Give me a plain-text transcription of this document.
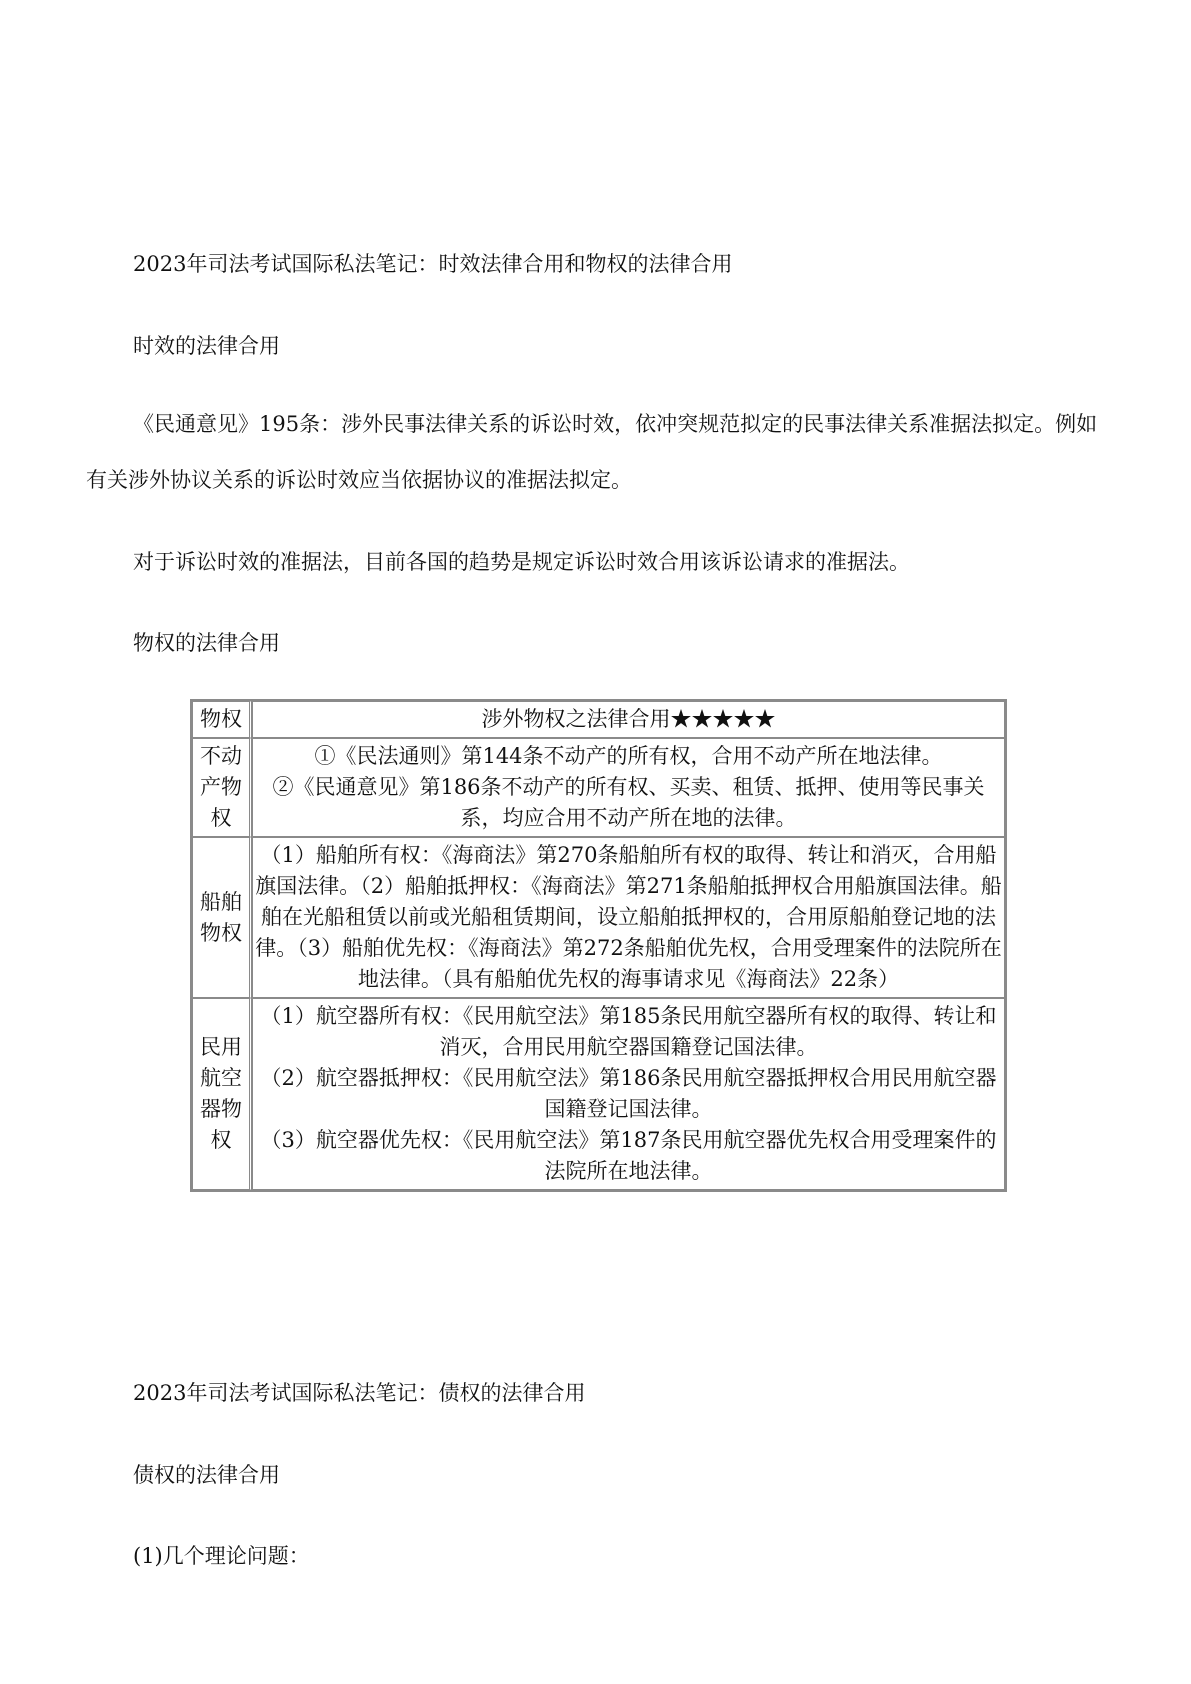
2023年司法考试国际私法笔记：时效法律合用和物权的法律合用

时效的法律合用

《民通意见》195条：涉外民事法律关系的诉讼时效，依冲突规范拟定的民事法律关系准据法拟定。例如有关涉外协议关系的诉讼时效应当依据协议的准据法拟定。

对于诉讼时效的准据法，目前各国的趋势是规定诉讼时效合用该诉讼请求的准据法。

物权的法律合用

物权	涉外物权之法律合用★★★★★
不动产物权	①《民法通则》第144条不动产的所有权，合用不动产所在地法律。

②《民通意见》第186条不动产的所有权、买卖、租赁、抵押、使用等民事关系，均应合用不动产所在地的法律。

船舶物权	（1）船舶所有权：《海商法》第270条船舶所有权的取得、转让和消灭，合用船旗国法律。（2）船舶抵押权：《海商法》第271条船舶抵押权合用船旗国法律。船舶在光船租赁以前或光船租赁期间，设立船舶抵押权的，合用原船舶登记地的法律。（3）船舶优先权：《海商法》第272条船舶优先权，合用受理案件的法院所在地法律。（具有船舶优先权的海事请求见《海商法》22条）

民用航空器物权	（1）航空器所有权：《民用航空法》第185条民用航空器所有权的取得、转让和消灭，合用民用航空器国籍登记国法律。

（2）航空器抵押权：《民用航空法》第186条民用航空器抵押权合用民用航空器国籍登记国法律。

（3）航空器优先权：《民用航空法》第187条民用航空器优先权合用受理案件的法院所在地法律。

2023年司法考试国际私法笔记：债权的法律合用

债权的法律合用

(1)几个理论问题：
